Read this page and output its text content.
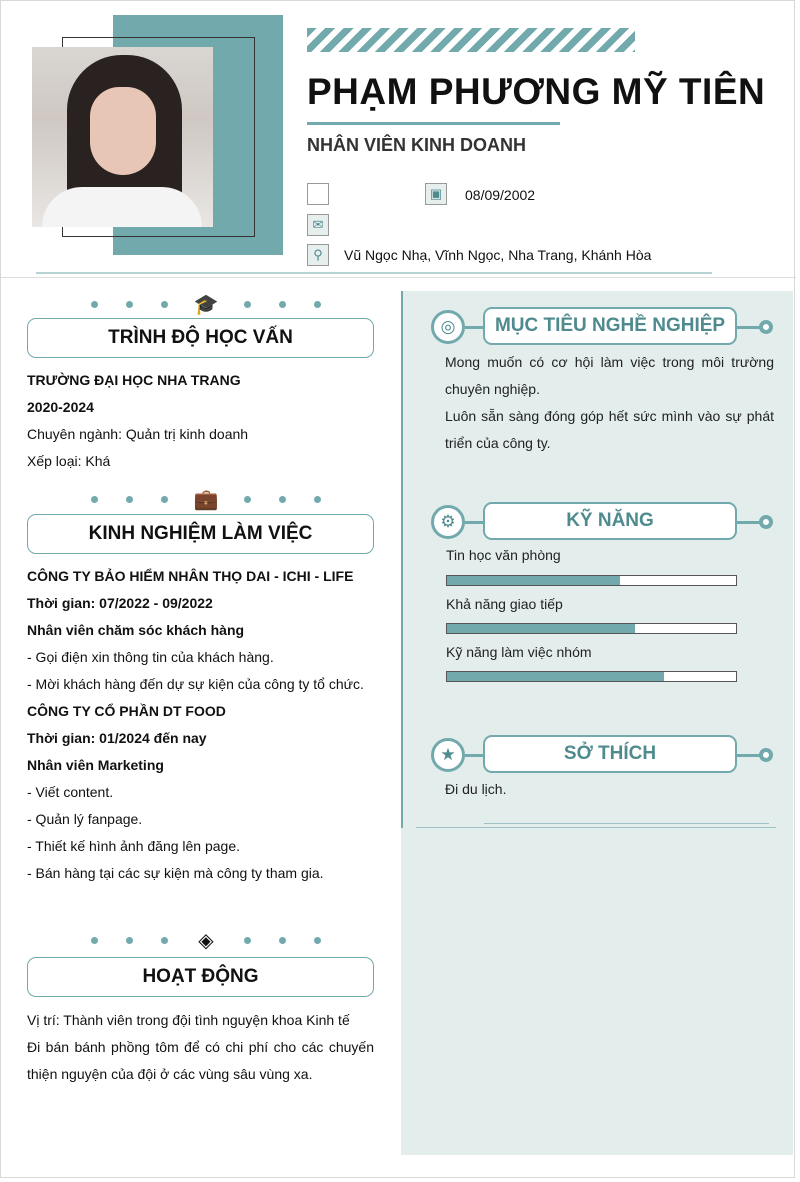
PHẠM PHƯƠNG MỸ TIÊN
NHÂN VIÊN KINH DOANH
▣	08/09/2002
✉
⚲	Vũ Ngọc Nhạ, Vĩnh Ngọc, Nha Trang, Khánh Hòa
🎓
TRÌNH ĐỘ HỌC VẤN
TRƯỜNG ĐẠI HỌC NHA TRANG
2020-2024
Chuyên ngành: Quản trị kinh doanh
Xếp loại: Khá
💼
KINH NGHIỆM LÀM VIỆC
CÔNG TY BẢO HIỂM NHÂN THỌ DAI - ICHI - LIFE
Thời gian: 07/2022 - 09/2022
Nhân viên chăm sóc khách hàng
- Gọi điện xin thông tin của khách hàng.
- Mời khách hàng đến dự sự kiện của công ty tổ chức.
CÔNG TY CỔ PHẦN DT FOOD
Thời gian: 01/2024 đến nay
Nhân viên Marketing
- Viết content.
- Quản lý fanpage.
- Thiết kế hình ảnh đăng lên page.
- Bán hàng tại các sự kiện mà công ty tham gia.
◈
HOẠT ĐỘNG
Vị trí: Thành viên trong đội tình nguyện khoa Kinh tế
Đi bán bánh phồng tôm để có chi phí cho các chuyến thiện nguyện của đội ở các vùng sâu vùng xa.
◎	MỤC TIÊU NGHỀ NGHIỆP
Mong muốn có cơ hội làm việc trong môi trường chuyên nghiệp.
Luôn sẵn sàng đóng góp hết sức mình vào sự phát triển của công ty.
⚙	KỸ NĂNG
Tin học văn phòng
Khả năng giao tiếp
Kỹ năng làm việc nhóm
★	SỞ THÍCH
Đi du lịch.
